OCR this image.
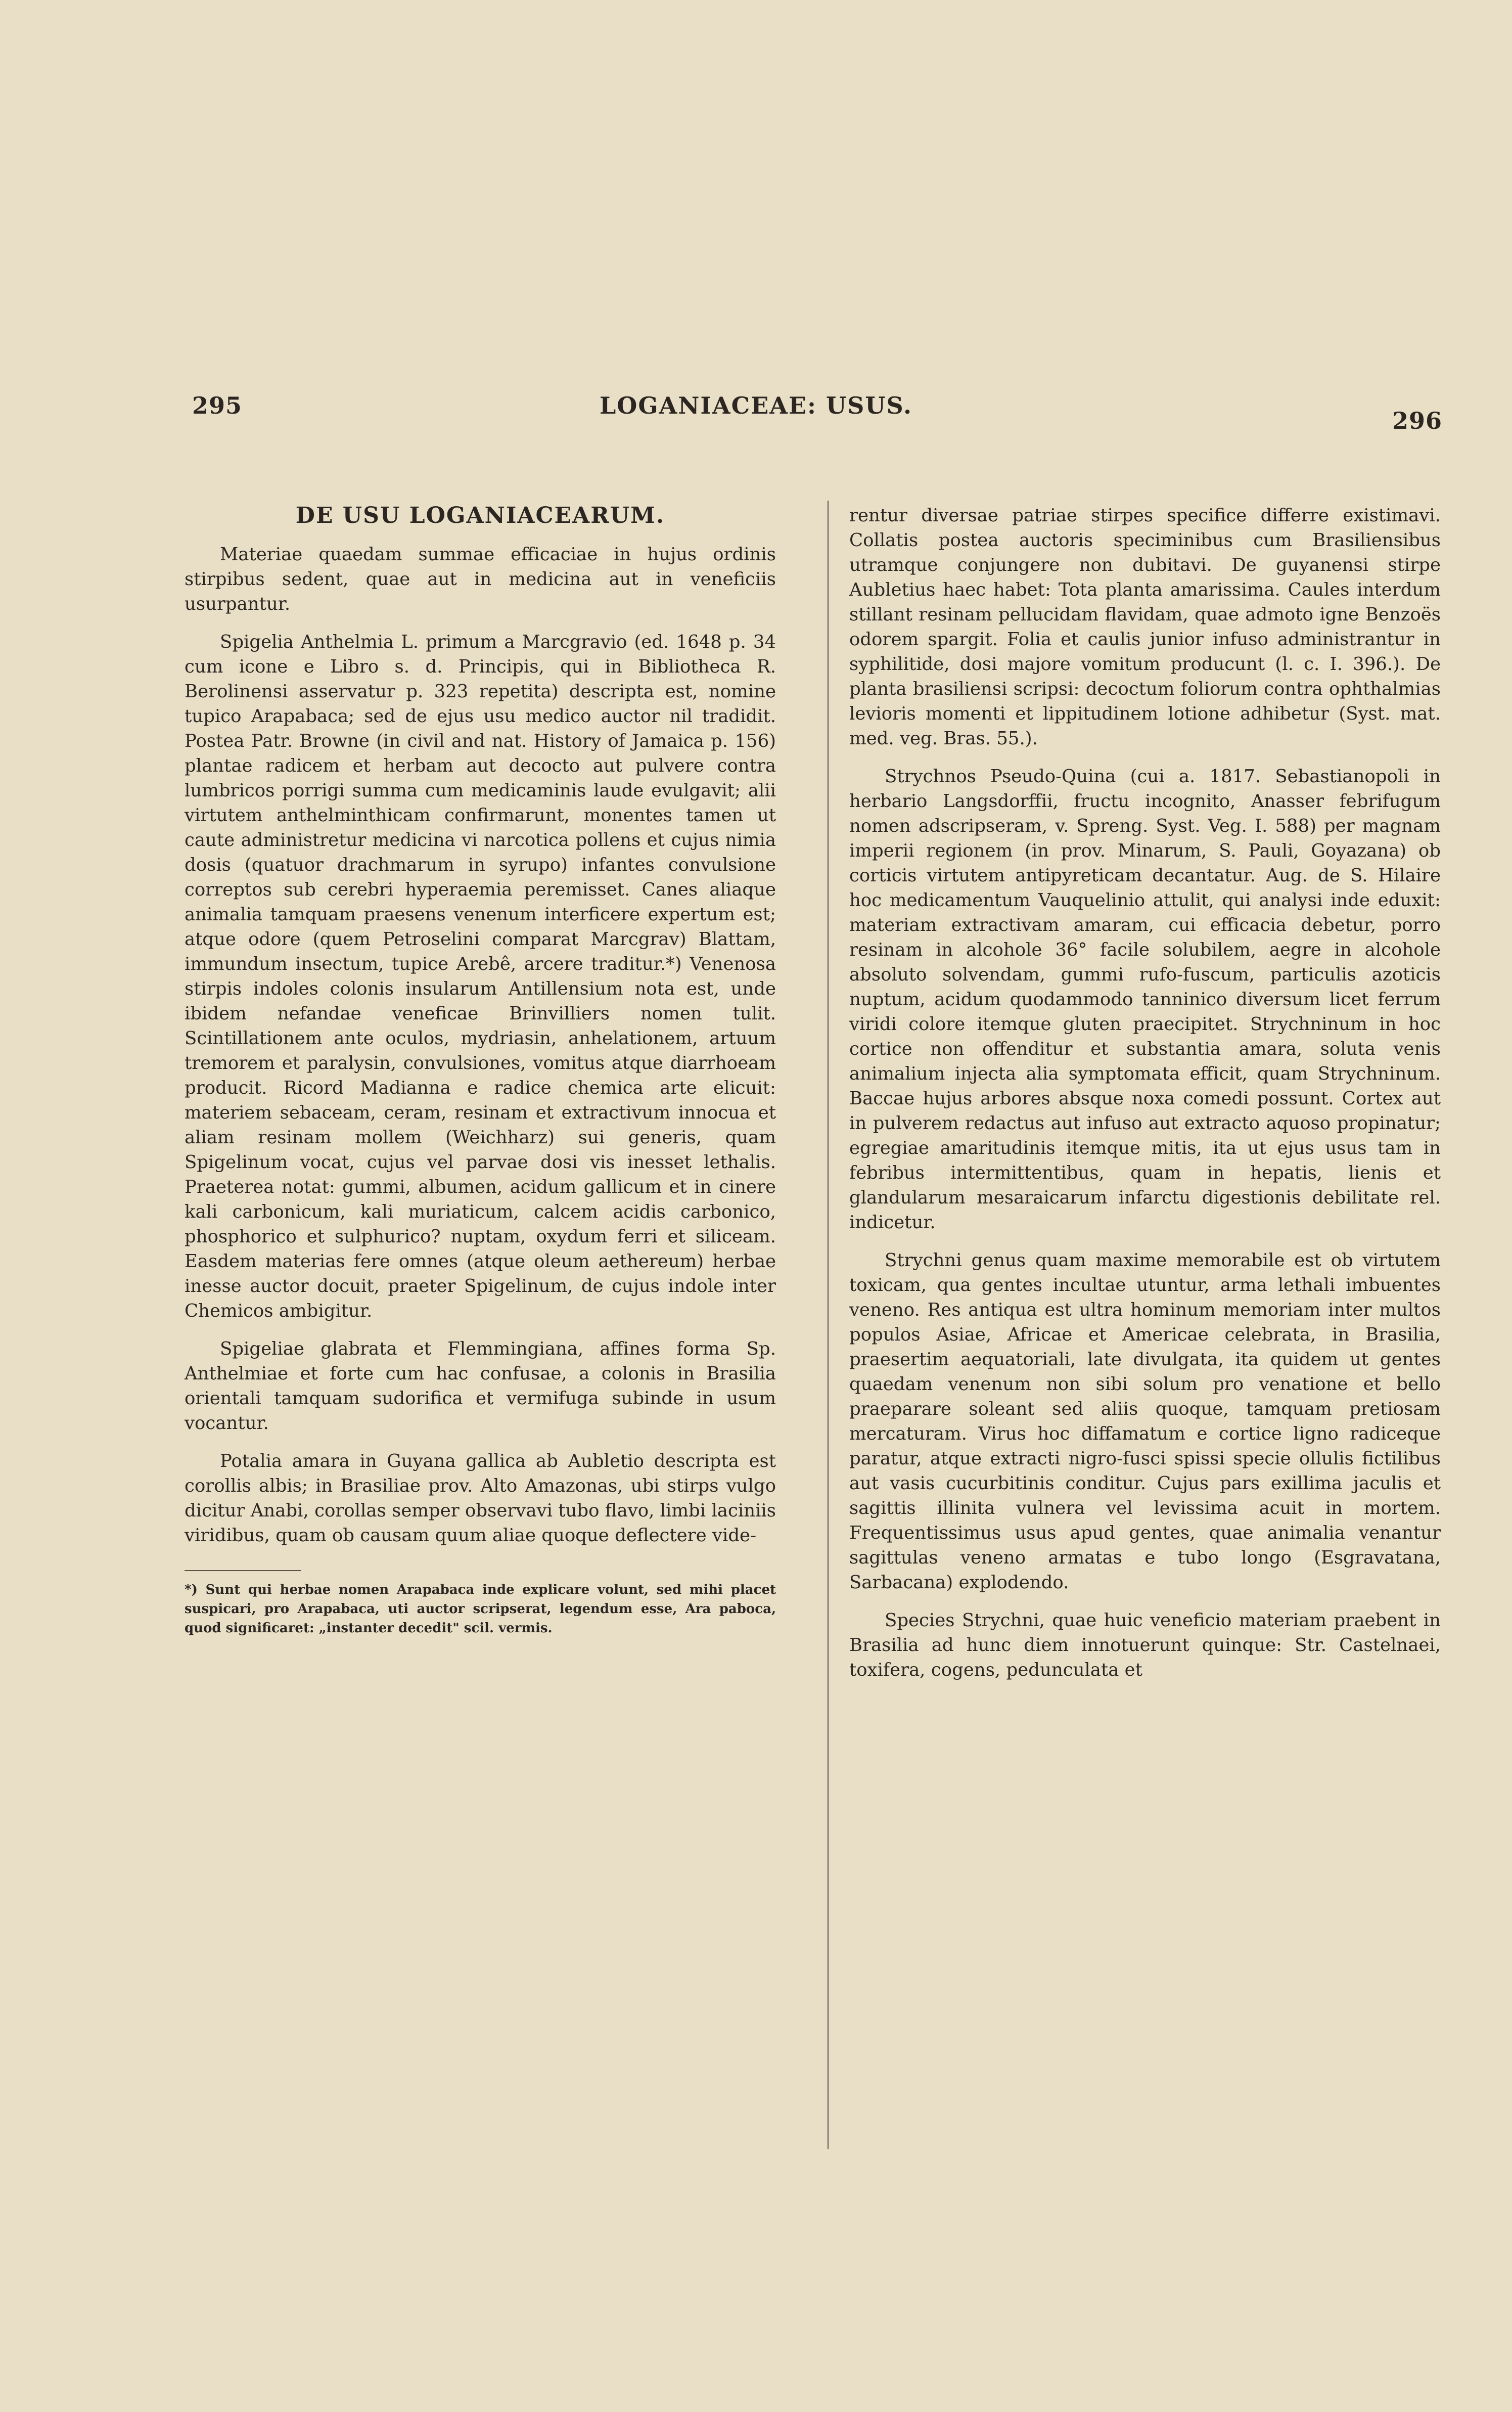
295	LOGANIACEAE: USUS.
296
DE USU LOGANIACEARUM.

Materiae quaedam summae efficaciae in hujus ordinis stirpibus sedent, quae aut in medicina aut in veneficiis usurpantur.

Spigelia Anthelmia L. primum a Marcgravio (ed. 1648 p. 34 cum icone e Libro s. d. Principis, qui in Bibliotheca R. Berolinensi asservatur p. 323 repetita) descripta est, nomine tupico Arapabaca; sed de ejus usu medico auctor nil tradidit. Postea Patr. Browne (in civil and nat. History of Jamaica p. 156) plantae radicem et herbam aut decocto aut pulvere contra lumbricos porrigi summa cum medicaminis laude evulgavit; alii virtutem anthelminthicam confirmarunt, monentes tamen ut caute administretur medicina vi narcotica pollens et cujus nimia dosis (quatuor drachmarum in syrupo) infantes convulsione correptos sub cerebri hyperaemia peremisset. Canes aliaque animalia tamquam praesens venenum interficere expertum est; atque odore (quem Petroselini comparat Marcgrav) Blattam, immundum insectum, tupice Arebê, arcere traditur.*) Venenosa stirpis indoles colonis insularum Antillensium nota est, unde ibidem nefandae veneficae Brinvilliers nomen tulit. Scintillationem ante oculos, mydriasin, anhelationem, artuum tremorem et paralysin, convulsiones, vomitus atque diarrhoeam producit. Ricord Madianna e radice chemica arte elicuit: materiem sebaceam, ceram, resinam et extractivum innocua et aliam resinam mollem (Weichharz) sui generis, quam Spigelinum vocat, cujus vel parvae dosi vis inesset lethalis. Praeterea notat: gummi, albumen, acidum gallicum et in cinere kali carbonicum, kali muriaticum, calcem acidis carbonico, phosphorico et sulphurico? nuptam, oxydum ferri et siliceam. Easdem materias fere omnes (atque oleum aethereum) herbae inesse auctor docuit, praeter Spigelinum, de cujus indole inter Chemicos ambigitur.

Spigeliae glabrata et Flemmingiana, affines forma Sp. Anthelmiae et forte cum hac confusae, a colonis in Brasilia orientali tamquam sudorifica et vermifuga subinde in usum vocantur.

Potalia amara in Guyana gallica ab Aubletio descripta est corollis albis; in Brasiliae prov. Alto Amazonas, ubi stirps vulgo dicitur Anabi, corollas semper observavi tubo flavo, limbi laciniis viridibus, quam ob causam quum aliae quoque deflectere vide-

*) Sunt qui herbae nomen Arapabaca inde explicare volunt, sed mihi placet suspicari, pro Arapabaca, uti auctor scripserat, legendum esse, Ara paboca, quod significaret: „instanter decedit" scil. vermis.

rentur diversae patriae stirpes specifice differre existimavi. Collatis postea auctoris speciminibus cum Brasiliensibus utramque conjungere non dubitavi. De guyanensi stirpe Aubletius haec habet: Tota planta amarissima. Caules interdum stillant resinam pellucidam flavidam, quae admoto igne Benzoës odorem spargit. Folia et caulis junior infuso administrantur in syphilitide, dosi majore vomitum producunt (l. c. I. 396.). De planta brasiliensi scripsi: decoctum foliorum contra ophthalmias levioris momenti et lippitudinem lotione adhibetur (Syst. mat. med. veg. Bras. 55.).

Strychnos Pseudo-Quina (cui a. 1817. Sebastianopoli in herbario Langsdorffii, fructu incognito, Anasser febrifugum nomen adscripseram, v. Spreng. Syst. Veg. I. 588) per magnam imperii regionem (in prov. Minarum, S. Pauli, Goyazana) ob corticis virtutem antipyreticam decantatur. Aug. de S. Hilaire hoc medicamentum Vauquelinio attulit, qui analysi inde eduxit: materiam extractivam amaram, cui efficacia debetur, porro resinam in alcohole 36° facile solubilem, aegre in alcohole absoluto solvendam, gummi rufo-fuscum, particulis azoticis nuptum, acidum quodammodo tanninico diversum licet ferrum viridi colore itemque gluten praecipitet. Strychninum in hoc cortice non offenditur et substantia amara, soluta venis animalium injecta alia symptomata efficit, quam Strychninum. Baccae hujus arbores absque noxa comedi possunt. Cortex aut in pulverem redactus aut infuso aut extracto aquoso propinatur; egregiae amaritudinis itemque mitis, ita ut ejus usus tam in febribus intermittentibus, quam in hepatis, lienis et glandularum mesaraicarum infarctu digestionis debilitate rel. indicetur.

Strychni genus quam maxime memorabile est ob virtutem toxicam, qua gentes incultae utuntur, arma lethali imbuentes veneno. Res antiqua est ultra hominum memoriam inter multos populos Asiae, Africae et Americae celebrata, in Brasilia, praesertim aequatoriali, late divulgata, ita quidem ut gentes quaedam venenum non sibi solum pro venatione et bello praeparare soleant sed aliis quoque, tamquam pretiosam mercaturam. Virus hoc diffamatum e cortice ligno radiceque paratur, atque extracti nigro-fusci spissi specie ollulis fictilibus aut vasis cucurbitinis conditur. Cujus pars exillima jaculis et sagittis illinita vulnera vel levissima acuit in mortem. Frequentissimus usus apud gentes, quae animalia venantur sagittulas veneno armatas e tubo longo (Esgravatana, Sarbacana) explodendo.

Species Strychni, quae huic veneficio materiam praebent in Brasilia ad hunc diem innotuerunt quinque: Str. Castelnaei, toxifera, cogens, pedunculata et
